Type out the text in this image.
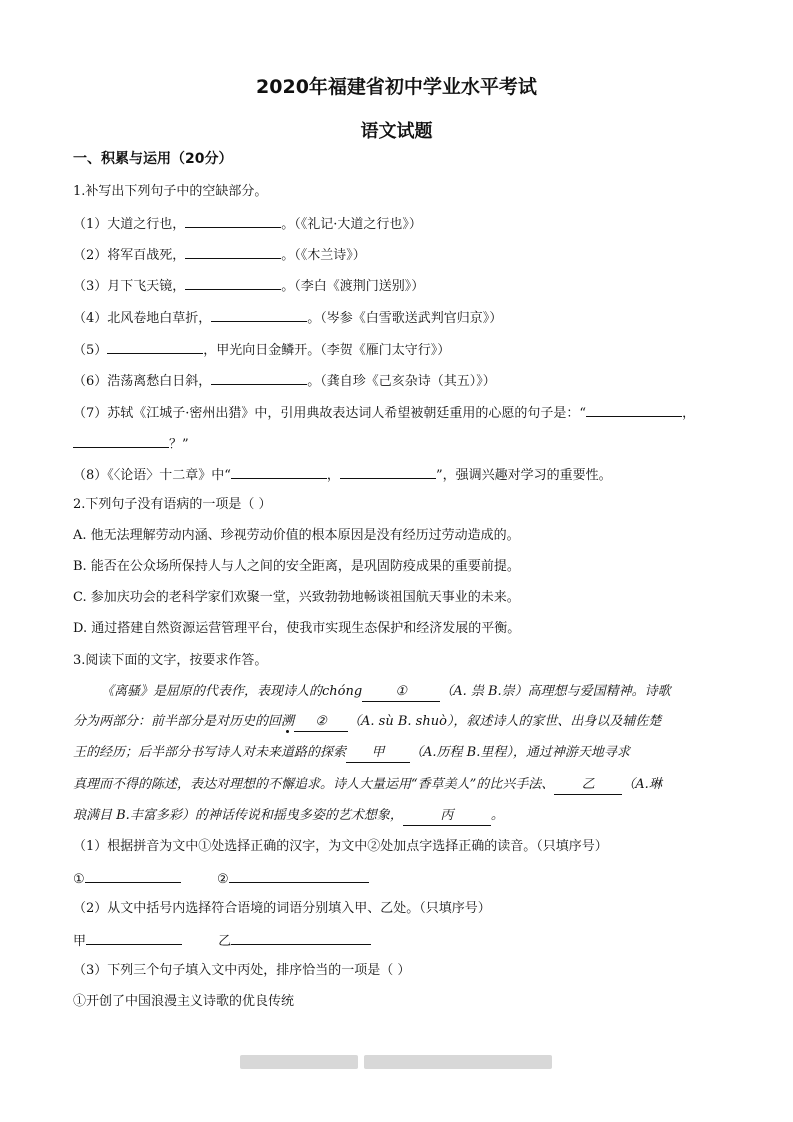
2020年福建省初中学业水平考试
语文试题
一、积累与运用（20分）
1.补写出下列句子中的空缺部分。
（1）大道之行也，	。（《礼记·大道之行也》）
（2）将军百战死，	。（《木兰诗》）
（3）月下飞天镜，	。（李白《渡荆门送别》）
（4）北风卷地白草折，	。（岑参《白雪歌送武判官归京》）
（5）	，甲光向日金鳞开。（李贺《雁门太守行》）
（6）浩荡离愁白日斜，	。（龚自珍《己亥杂诗（其五）》）
（7）苏轼《江城子·密州出猎》中，引用典故表达词人希望被朝廷重用的心愿的句子是：“	，
？”
（8）《〈论语〉十二章》中“	，	”，强调兴趣对学习的重要性。
2.下列句子没有语病的一项是（ ）
A. 他无法理解劳动内涵、珍视劳动价值的根本原因是没有经历过劳动造成的。
B. 能否在公众场所保持人与人之间的安全距离，是巩固防疫成果的重要前提。
C. 参加庆功会的老科学家们欢聚一堂，兴致勃勃地畅谈祖国航天事业的未来。
D. 通过搭建自然资源运营管理平台，使我市实现生态保护和经济发展的平衡。
3.阅读下面的文字，按要求作答。
《离骚》是屈原的代表作，表现诗人的chóng	①	（A. 祟 B.崇）高理想与爱国精神。诗歌
分为两部分：前半部分是对历史的回溯 ② （A. sù B. shuò），叙述诗人的家世、出身以及辅佐楚
王的经历；后半部分书写诗人对未来道路的探索 甲 （A.历程 B.里程），通过神游天地寻求
真理而不得的陈述，表达对理想的不懈追求。诗人大量运用“香草美人”的比兴手法、 乙 （A.琳
琅满目 B.丰富多彩）的神话传说和摇曳多姿的艺术想象，	丙	。
（1）根据拼音为文中①处选择正确的汉字，为文中②处加点字选择正确的读音。（只填序号）
①	②
（2）从文中括号内选择符合语境的词语分别填入甲、乙处。（只填序号）
甲	乙
（3）下列三个句子填入文中丙处，排序恰当的一项是（ ）
①开创了中国浪漫主义诗歌的优良传统
